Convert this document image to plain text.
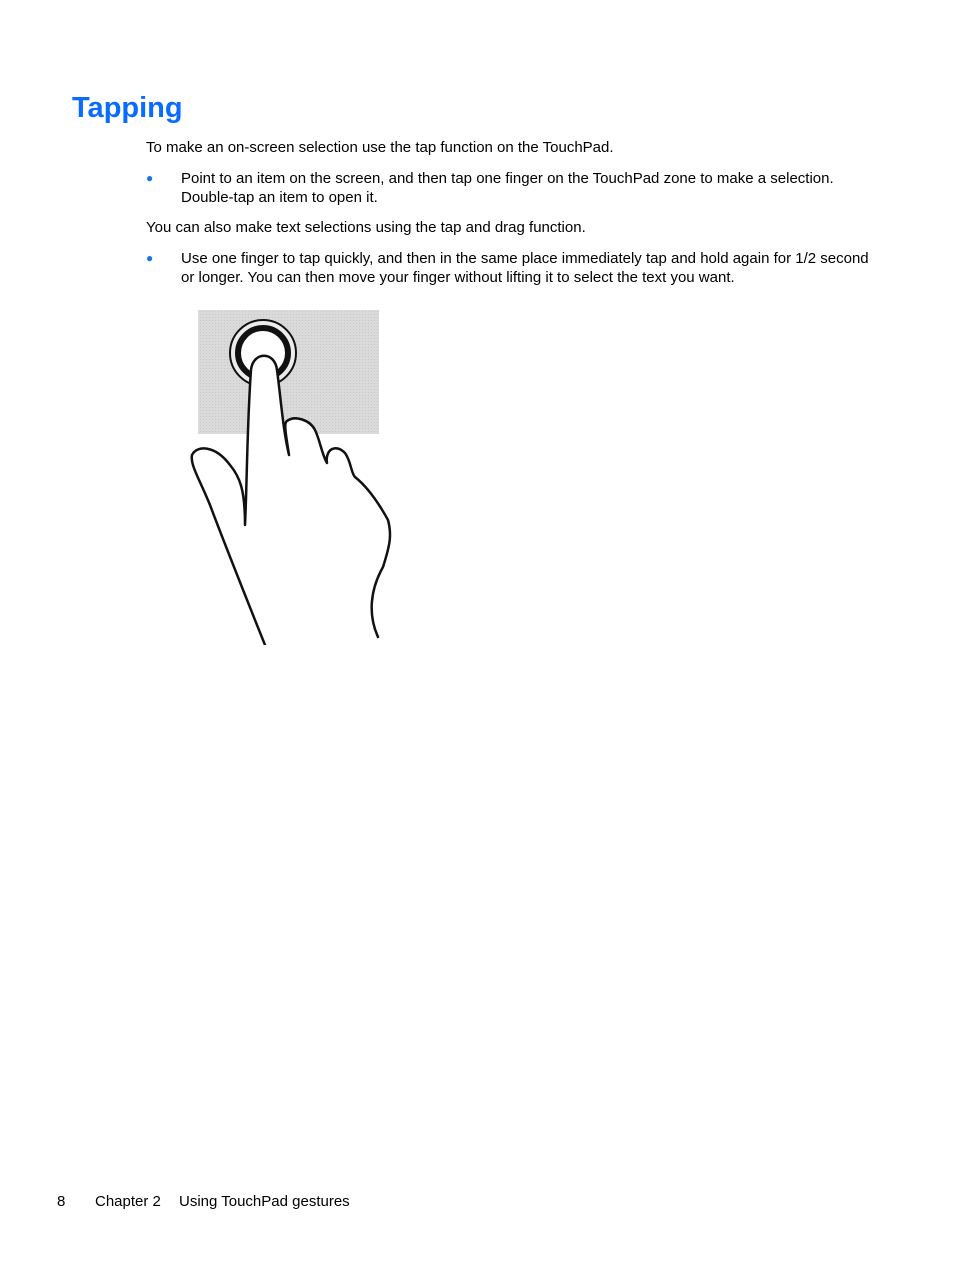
Tapping

To make an on-screen selection use the tap function on the TouchPad.

● Point to an item on the screen, and then tap one finger on the TouchPad zone to make a selection. Double-tap an item to open it.

You can also make text selections using the tap and drag function.

● Use one finger to tap quickly, and then in the same place immediately tap and hold again for 1/2 second or longer. You can then move your finger without lifting it to select the text you want.
8 Chapter 2 Using TouchPad gestures
